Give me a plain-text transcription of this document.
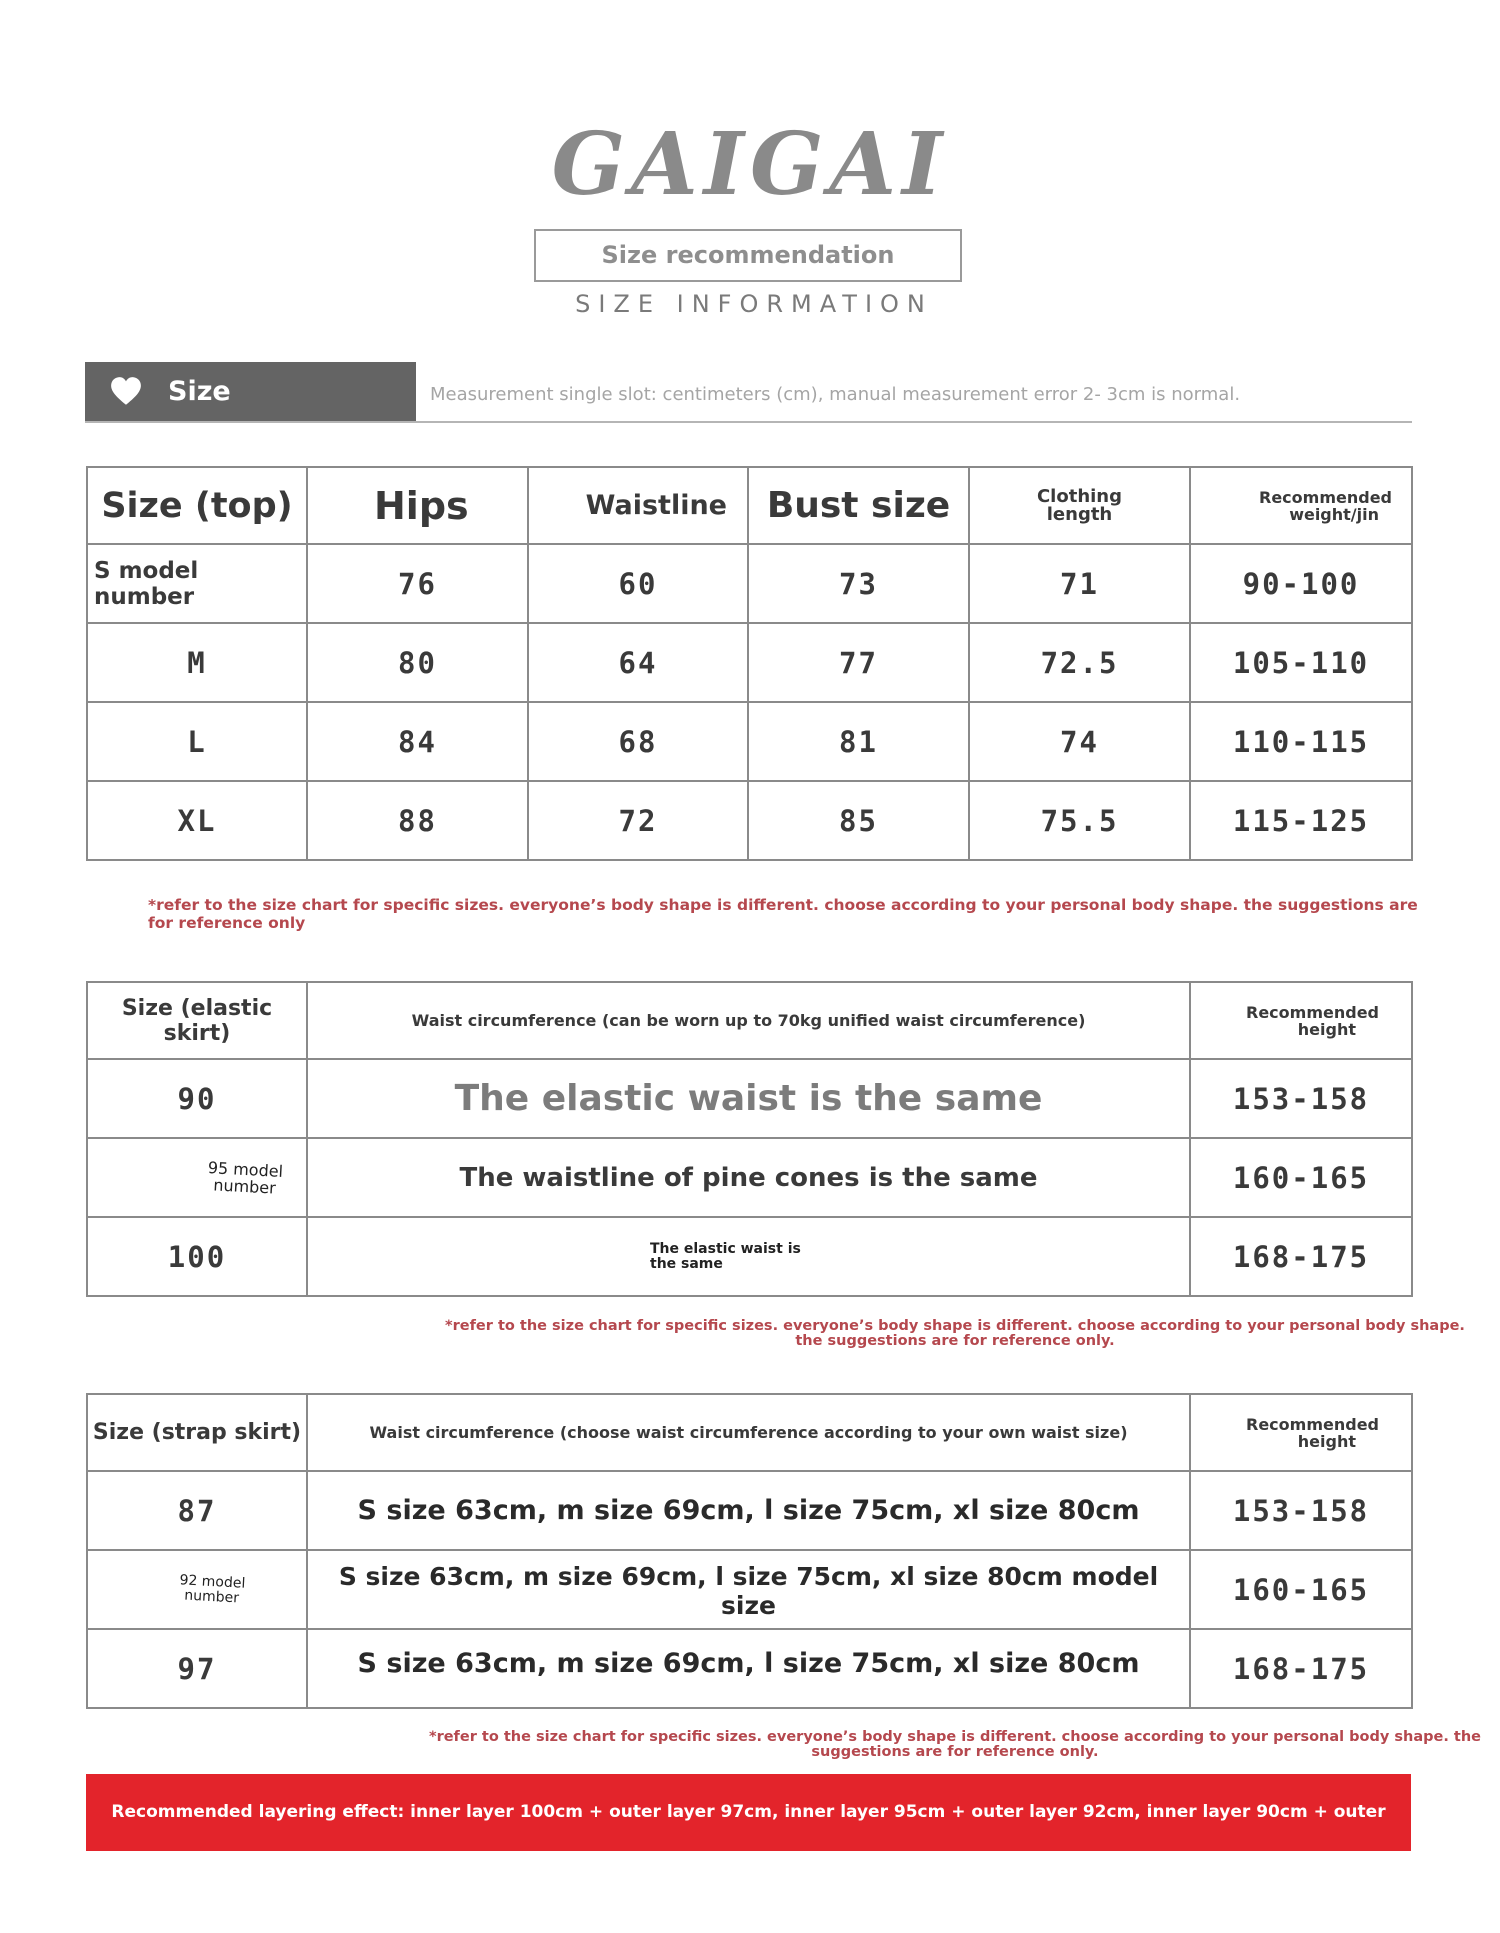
GAIGAI
Size recommendation
SIZE INFORMATION
Size information
Measurement single slot: centimeters (cm), manual measurement error 2- 3cm is normal.
Size (top)	Hips	Waistline	Bust size	Clothing length	Recommended weight/jin

S model number	76	60	73	71	90-100
M	80	64	77	72.5	105-110
L	84	68	81	74	110-115
XL	88	72	85	75.5	115-125
*refer to the size chart for specific sizes. everyone’s body shape is different. choose according to your personal body shape. the suggestions are for reference only
Size (elastic skirt)	Waist circumference (can be worn up to 70kg unified waist circumference)	Recommended height

90	The elastic waist is the same	153-158

95 model number	The waistline of pine cones is the same	160-165
100	The elastic waist is the same	168-175
*refer to the size chart for specific sizes. everyone’s body shape is different. choose according to your personal body shape. the suggestions are for reference only.
Size (strap skirt)	Waist circumference (choose waist circumference according to your own waist size)	Recommended height

87	S size 63cm, m size 69cm, l size 75cm, xl size 80cm	153-158

92 model number	S size 63cm, m size 69cm, l size 75cm, xl size 80cm model size	160-165
97	S size 63cm, m size 69cm, l size 75cm, xl size 80cm	168-175
*refer to the size chart for specific sizes. everyone’s body shape is different. choose according to your personal body shape. the suggestions are for reference only.
Recommended layering effect: inner layer 100cm + outer layer 97cm, inner layer 95cm + outer layer 92cm, inner layer 90cm + outer layer 87cm
